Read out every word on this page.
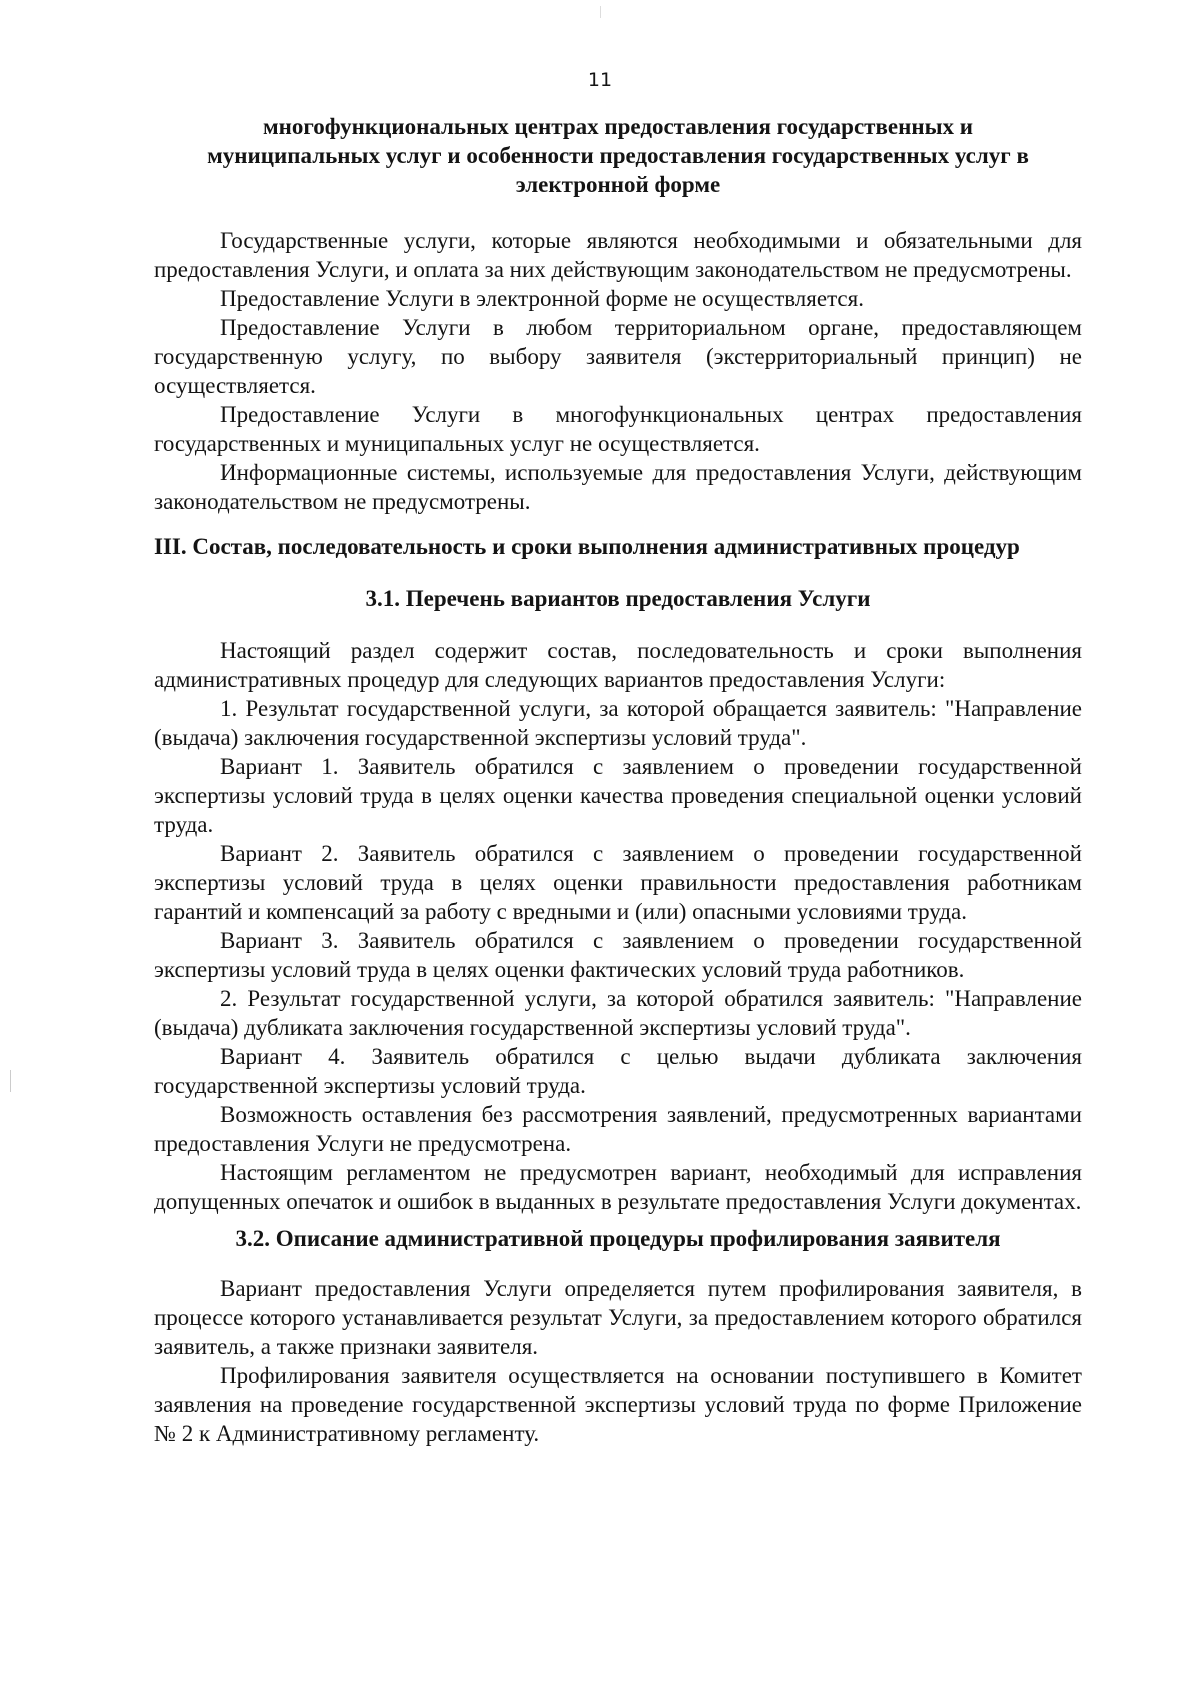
11

многофункциональных центрах предоставления государственных и

муниципальных услуг и особенности предоставления государственных услуг в

электронной форме

Государственные услуги, которые являются необходимыми и обязательными для предоставления Услуги, и оплата за них действующим законодательством не предусмотрены.

Предоставление Услуги в электронной форме не осуществляется.

Предоставление Услуги в любом территориальном органе, предоставляющем государственную услугу, по выбору заявителя (экстерриториальный принцип) не осуществляется.

Предоставление Услуги в многофункциональных центрах предоставления государственных и муниципальных услуг не осуществляется.

Информационные системы, используемые для предоставления Услуги, действующим законодательством не предусмотрены.

III. Состав, последовательность и сроки выполнения административных процедур

3.1. Перечень вариантов предоставления Услуги

Настоящий раздел содержит состав, последовательность и сроки выполнения административных процедур для следующих вариантов предоставления Услуги:

1. Результат государственной услуги, за которой обращается заявитель: "Направление (выдача) заключения государственной экспертизы условий труда".

Вариант 1. Заявитель обратился с заявлением о проведении государственной экспертизы условий труда в целях оценки качества проведения специальной оценки условий труда.

Вариант 2. Заявитель обратился с заявлением о проведении государственной экспертизы условий труда в целях оценки правильности предоставления работникам гарантий и компенсаций за работу с вредными и (или) опасными условиями труда.

Вариант 3. Заявитель обратился с заявлением о проведении государственной экспертизы условий труда в целях оценки фактических условий труда работников.

2. Результат государственной услуги, за которой обратился заявитель: "Направление (выдача) дубликата заключения государственной экспертизы условий труда".

Вариант 4. Заявитель обратился с целью выдачи дубликата заключения государственной экспертизы условий труда.

Возможность оставления без рассмотрения заявлений, предусмотренных вариантами предоставления Услуги не предусмотрена.

Настоящим регламентом не предусмотрен вариант, необходимый для исправления допущенных опечаток и ошибок в выданных в результате предоставления Услуги документах.

3.2. Описание административной процедуры профилирования заявителя

Вариант предоставления Услуги определяется путем профилирования заявителя, в процессе которого устанавливается результат Услуги, за предоставлением которого обратился заявитель, а также признаки заявителя.

Профилирования заявителя осуществляется на основании поступившего в Комитет заявления на проведение государственной экспертизы условий труда по форме Приложение № 2 к Административному регламенту.
